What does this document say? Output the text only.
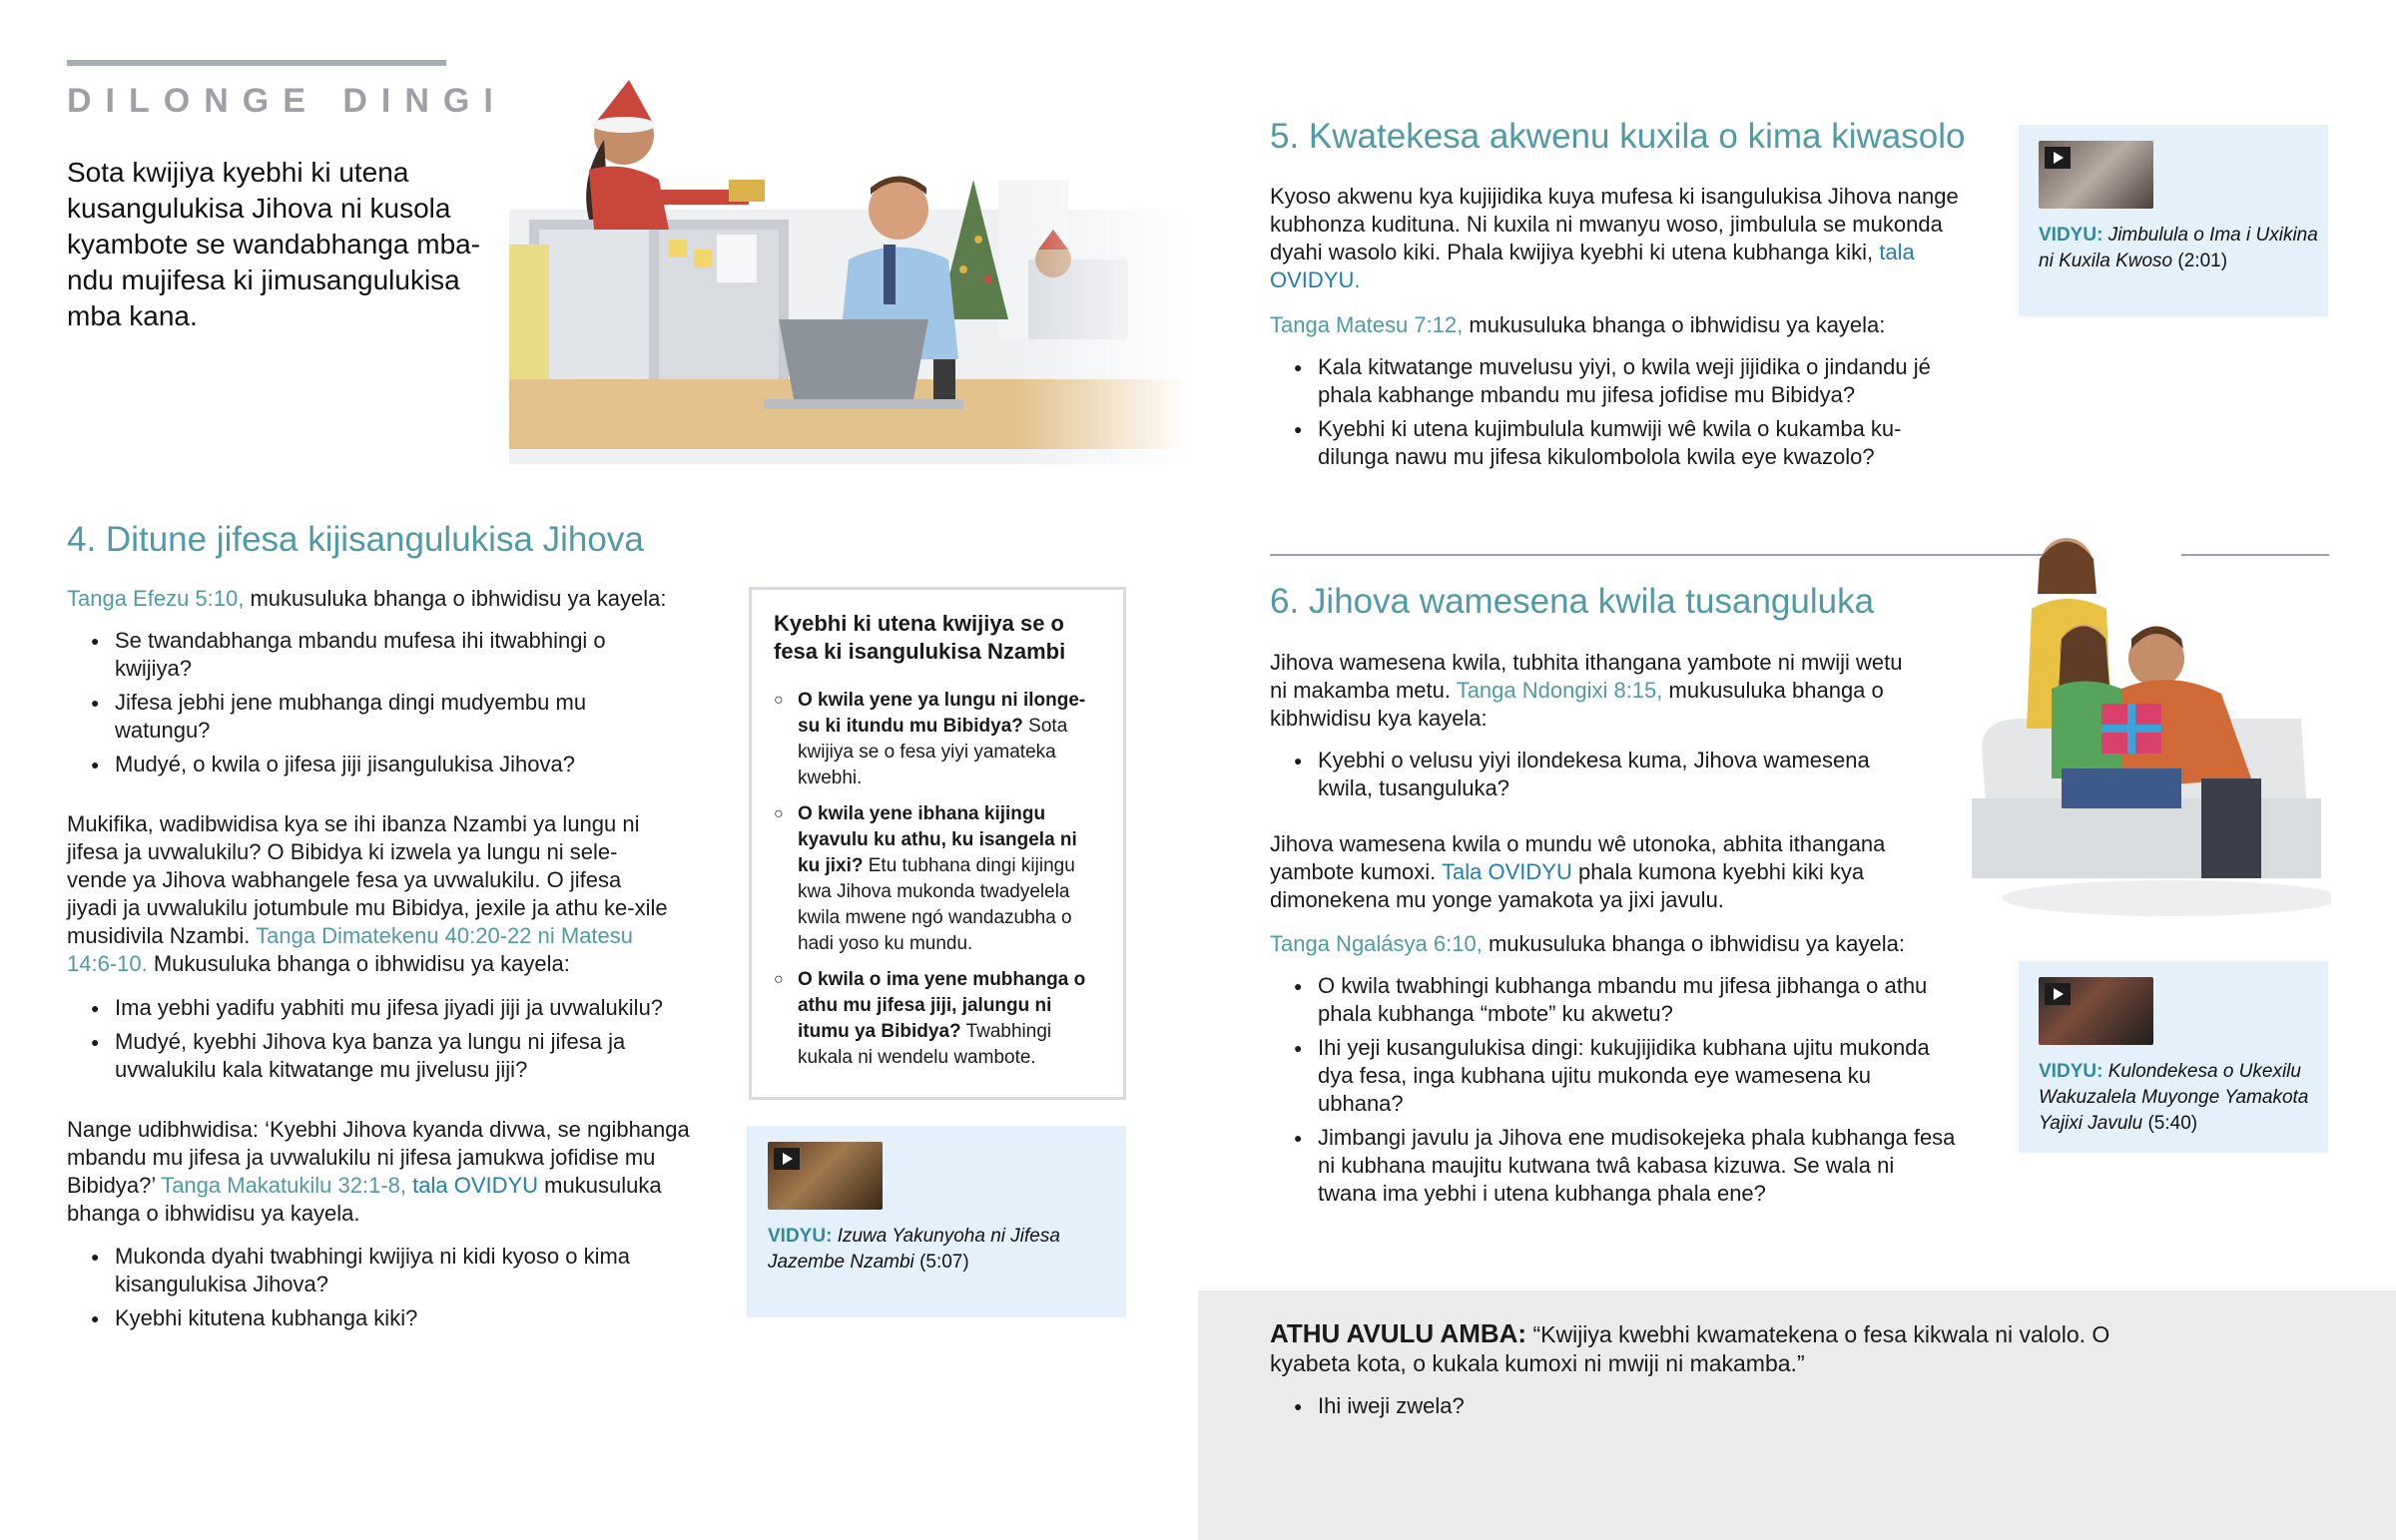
DILONGE DINGI
Sota kwijiya kyebhi ki utena kusangulukisa Jihova ni kusola kyambote se wandabhanga mba-ndu mujifesa ki jimusangulukisa mba kana.
4. Ditune jifesa kijisangulukisa Jihova

Tanga Efezu 5:10, mukusuluka bhanga o ibhwidisu ya kayela:

● Se twandabhanga mbandu mufesa ihi itwabhingi o kwijiya?
● Jifesa jebhi jene mubhanga dingi mudyembu mu watungu?
● Mudyé, o kwila o jifesa jiji jisangulukisa Jihova?

Mukifika, wadibwidisa kya se ihi ibanza Nzambi ya lungu ni jifesa ja uvwalukilu? O Bibidya ki izwela ya lungu ni sele-vende ya Jihova wabhangele fesa ya uvwalukilu. O jifesa jiyadi ja uvwalukilu jotumbule mu Bibidya, jexile ja athu ke-xile musidivila Nzambi. Tanga Dimatekenu 40:20-22 ni Matesu 14:6-10. Mukusuluka bhanga o ibhwidisu ya kayela:

● Ima yebhi yadifu yabhiti mu jifesa jiyadi jiji ja uvwalukilu?
● Mudyé, kyebhi Jihova kya banza ya lungu ni jifesa ja uvwalukilu kala kitwatange mu jivelusu jiji?

Nange udibhwidisa: ‘Kyebhi Jihova kyanda divwa, se ngibhanga mbandu mu jifesa ja uvwalukilu ni jifesa jamukwa jofidise mu Bibidya?’ Tanga Makatukilu 32:1-8, tala OVIDYU mukusuluka bhanga o ibhwidisu ya kayela.

● Mukonda dyahi twabhingi kwijiya ni kidi kyoso o kima kisangulukisa Jihova?
● Kyebhi kitutena kubhanga kiki?
Kyebhi ki utena kwijiya se o fesa ki isangulukisa Nzambi
○ O kwila yene ya lungu ni ilonge-su ki itundu mu Bibidya? Sota kwijiya se o fesa yiyi yamateka kwebhi.
○ O kwila yene ibhana kijingu kyavulu ku athu, ku isangela ni ku jixi? Etu tubhana dingi kijingu kwa Jihova mukonda twadyelela kwila mwene ngó wandazubha o hadi yoso ku mundu.
○ O kwila o ima yene mubhanga o athu mu jifesa jiji, jalungu ni itumu ya Bibidya? Twabhingi kukala ni wendelu wambote.
VIDYU: Izuwa Yakunyoha ni Jifesa Jazembe Nzambi (5:07)
5. Kwatekesa akwenu kuxila o kima kiwasolo

Kyoso akwenu kya kujijidika kuya mufesa ki isangulukisa Jihova nange kubhonza kudituna. Ni kuxila ni mwanyu woso, jimbulula se mukonda dyahi wasolo kiki. Phala kwijiya kyebhi ki utena kubhanga kiki, tala OVIDYU.

Tanga Matesu 7:12, mukusuluka bhanga o ibhwidisu ya kayela:

● Kala kitwatange muvelusu yiyi, o kwila weji jijidika o jindandu jé phala kabhange mbandu mu jifesa jofidise mu Bibidya?
● Kyebhi ki utena kujimbulula kumwiji wê kwila o kukamba ku-dilunga nawu mu jifesa kikulombolola kwila eye kwazolo?
VIDYU: Jimbulula o Ima i Uxikina ni Kuxila Kwoso (2:01)
6. Jihova wamesena kwila tusanguluka

Jihova wamesena kwila, tubhita ithangana yambote ni mwiji wetu ni makamba metu. Tanga Ndongixi 8:15, mukusuluka bhanga o kibhwidisu kya kayela:

● Kyebhi o velusu yiyi ilondekesa kuma, Jihova wamesena kwila, tusanguluka?

Jihova wamesena kwila o mundu wê utonoka, abhita ithangana yambote kumoxi. Tala OVIDYU phala kumona kyebhi kiki kya dimonekena mu yonge yamakota ya jixi javulu.

Tanga Ngalásya 6:10, mukusuluka bhanga o ibhwidisu ya kayela:

● O kwila twabhingi kubhanga mbandu mu jifesa jibhanga o athu phala kubhanga “mbote” ku akwetu?
● Ihi yeji kusangulukisa dingi: kukujijidika kubhana ujitu mukonda dya fesa, inga kubhana ujitu mukonda eye wamesena ku ubhana?
● Jimbangi javulu ja Jihova ene mudisokejeka phala kubhanga fesa ni kubhana maujitu kutwana twâ kabasa kizuwa. Se wala ni twana ima yebhi i utena kubhanga phala ene?
VIDYU: Kulondekesa o Ukexilu Wakuzalela Muyonge Yamakota Yajixi Javulu (5:40)

ATHU AVULU AMBA: “Kwijiya kwebhi kwamatekena o fesa kikwala ni valolo. O kyabeta kota, o kukala kumoxi ni mwiji ni makamba.”

● Ihi iweji zwela?
